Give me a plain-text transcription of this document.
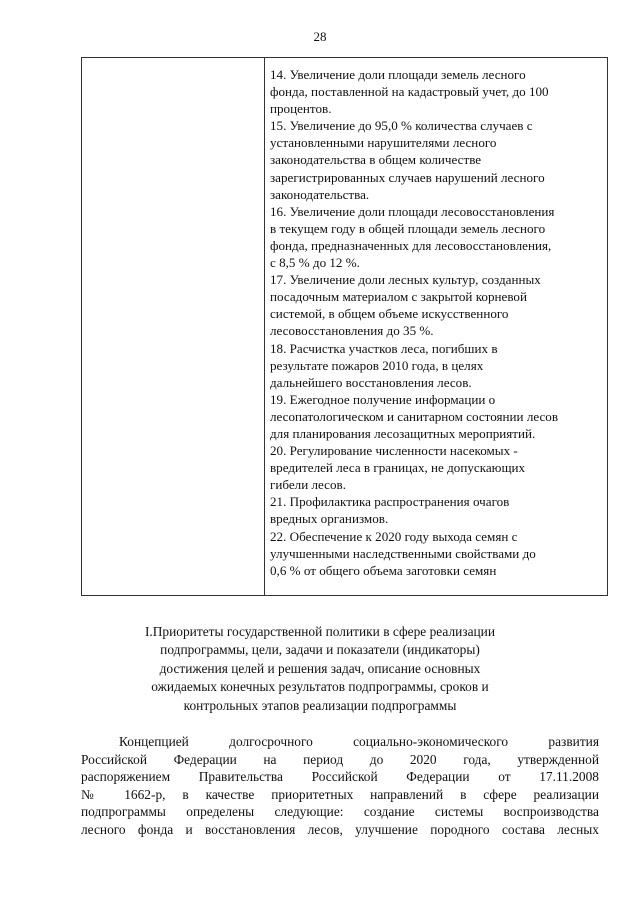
28
14. Увеличение доли площади земель лесного
фонда, поставленной на кадастровый учет, до 100
процентов.
15. Увеличение до 95,0 % количества случаев с
установленными нарушителями лесного
законодательства в общем количестве
зарегистрированных случаев нарушений лесного
законодательства.
16. Увеличение доли площади лесовосстановления
в текущем году в общей площади земель лесного
фонда, предназначенных для лесовосстановления,
с 8,5 % до 12 %.
17. Увеличение доли лесных культур, созданных
посадочным материалом с закрытой корневой
системой, в общем объеме искусственного
лесовосстановления до 35 %.
18. Расчистка участков леса, погибших в
результате пожаров 2010 года, в целях
дальнейшего восстановления лесов.
19. Ежегодное получение информации о
лесопатологическом и санитарном состоянии лесов
для планирования лесозащитных мероприятий.
20. Регулирование численности насекомых -
вредителей леса в границах, не допускающих
гибели лесов.
21. Профилактика распространения очагов
вредных организмов.
22. Обеспечение к 2020 году выхода семян с
улучшенными наследственными свойствами до
0,6 % от общего объема заготовки семян
I.Приоритеты государственной политики в сфере реализации
подпрограммы, цели, задачи и показатели (индикаторы)
достижения целей и решения задач, описание основных
ожидаемых конечных результатов подпрограммы, сроков и
контрольных этапов реализации подпрограммы
Концепцией долгосрочного социально-экономического развития
Российской Федерации на период до 2020 года, утвержденной
распоряжением Правительства Российской Федерации от 17.11.2008
№ 1662-р, в качестве приоритетных направлений в сфере реализации
подпрограммы определены следующие: создание системы воспроизводства
лесного фонда и восстановления лесов, улучшение породного состава лесных
